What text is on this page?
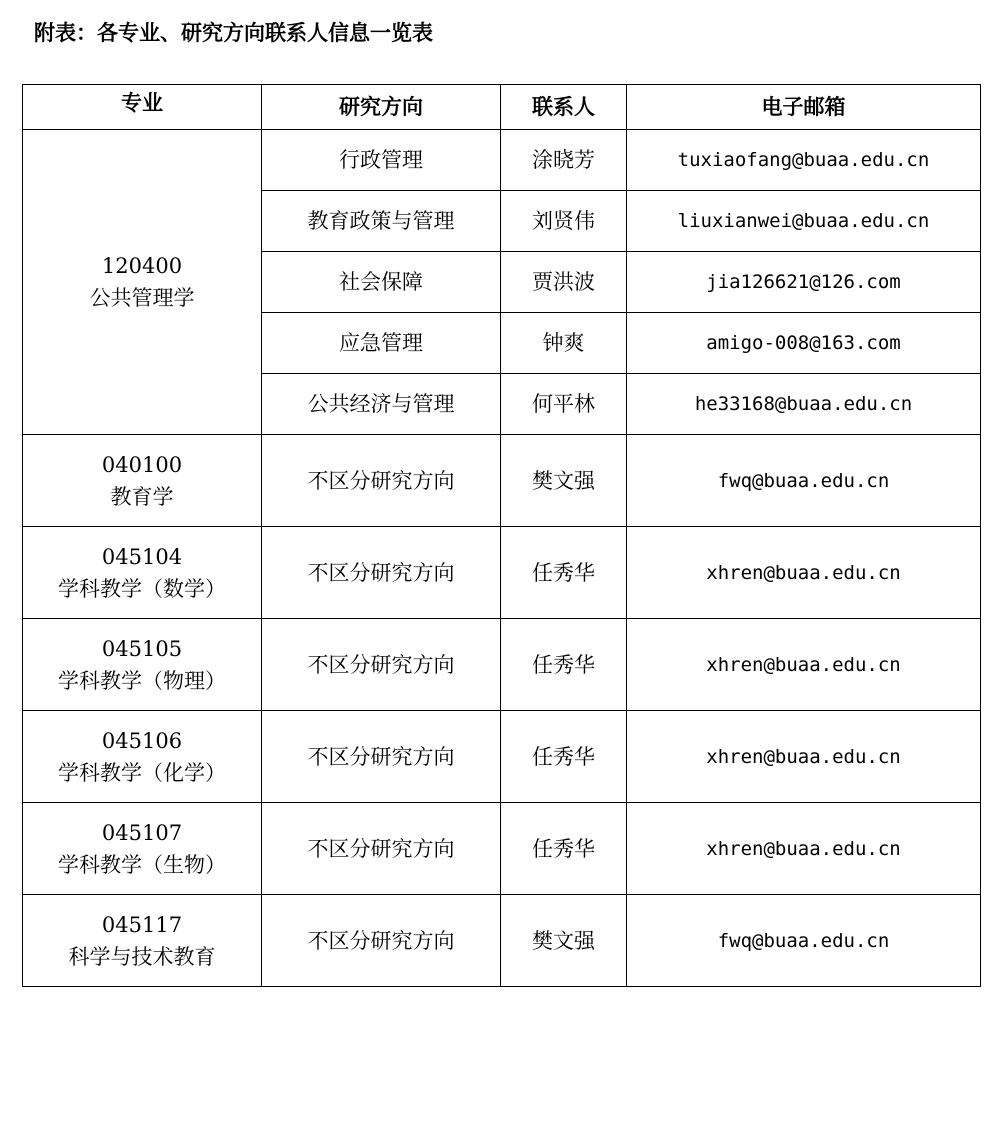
附表：各专业、研究方向联系人信息一览表
专业	研究方向	联系人	电子邮箱

120400
公共管理学	行政管理	涂晓芳	tuxiaofang@buaa.edu.cn
	教育政策与管理	刘贤伟	liuxianwei@buaa.edu.cn
	社会保障	贾洪波	jia126621@126.com
	应急管理	钟爽	amigo-008@163.com
	公共经济与管理	何平林	he33168@buaa.edu.cn

040100
教育学	不区分研究方向	樊文强	fwq@buaa.edu.cn

045104
学科教学（数学）	不区分研究方向	任秀华	xhren@buaa.edu.cn

045105
学科教学（物理）	不区分研究方向	任秀华	xhren@buaa.edu.cn

045106
学科教学（化学）	不区分研究方向	任秀华	xhren@buaa.edu.cn

045107
学科教学（生物）	不区分研究方向	任秀华	xhren@buaa.edu.cn

045117
科学与技术教育	不区分研究方向	樊文强	fwq@buaa.edu.cn
